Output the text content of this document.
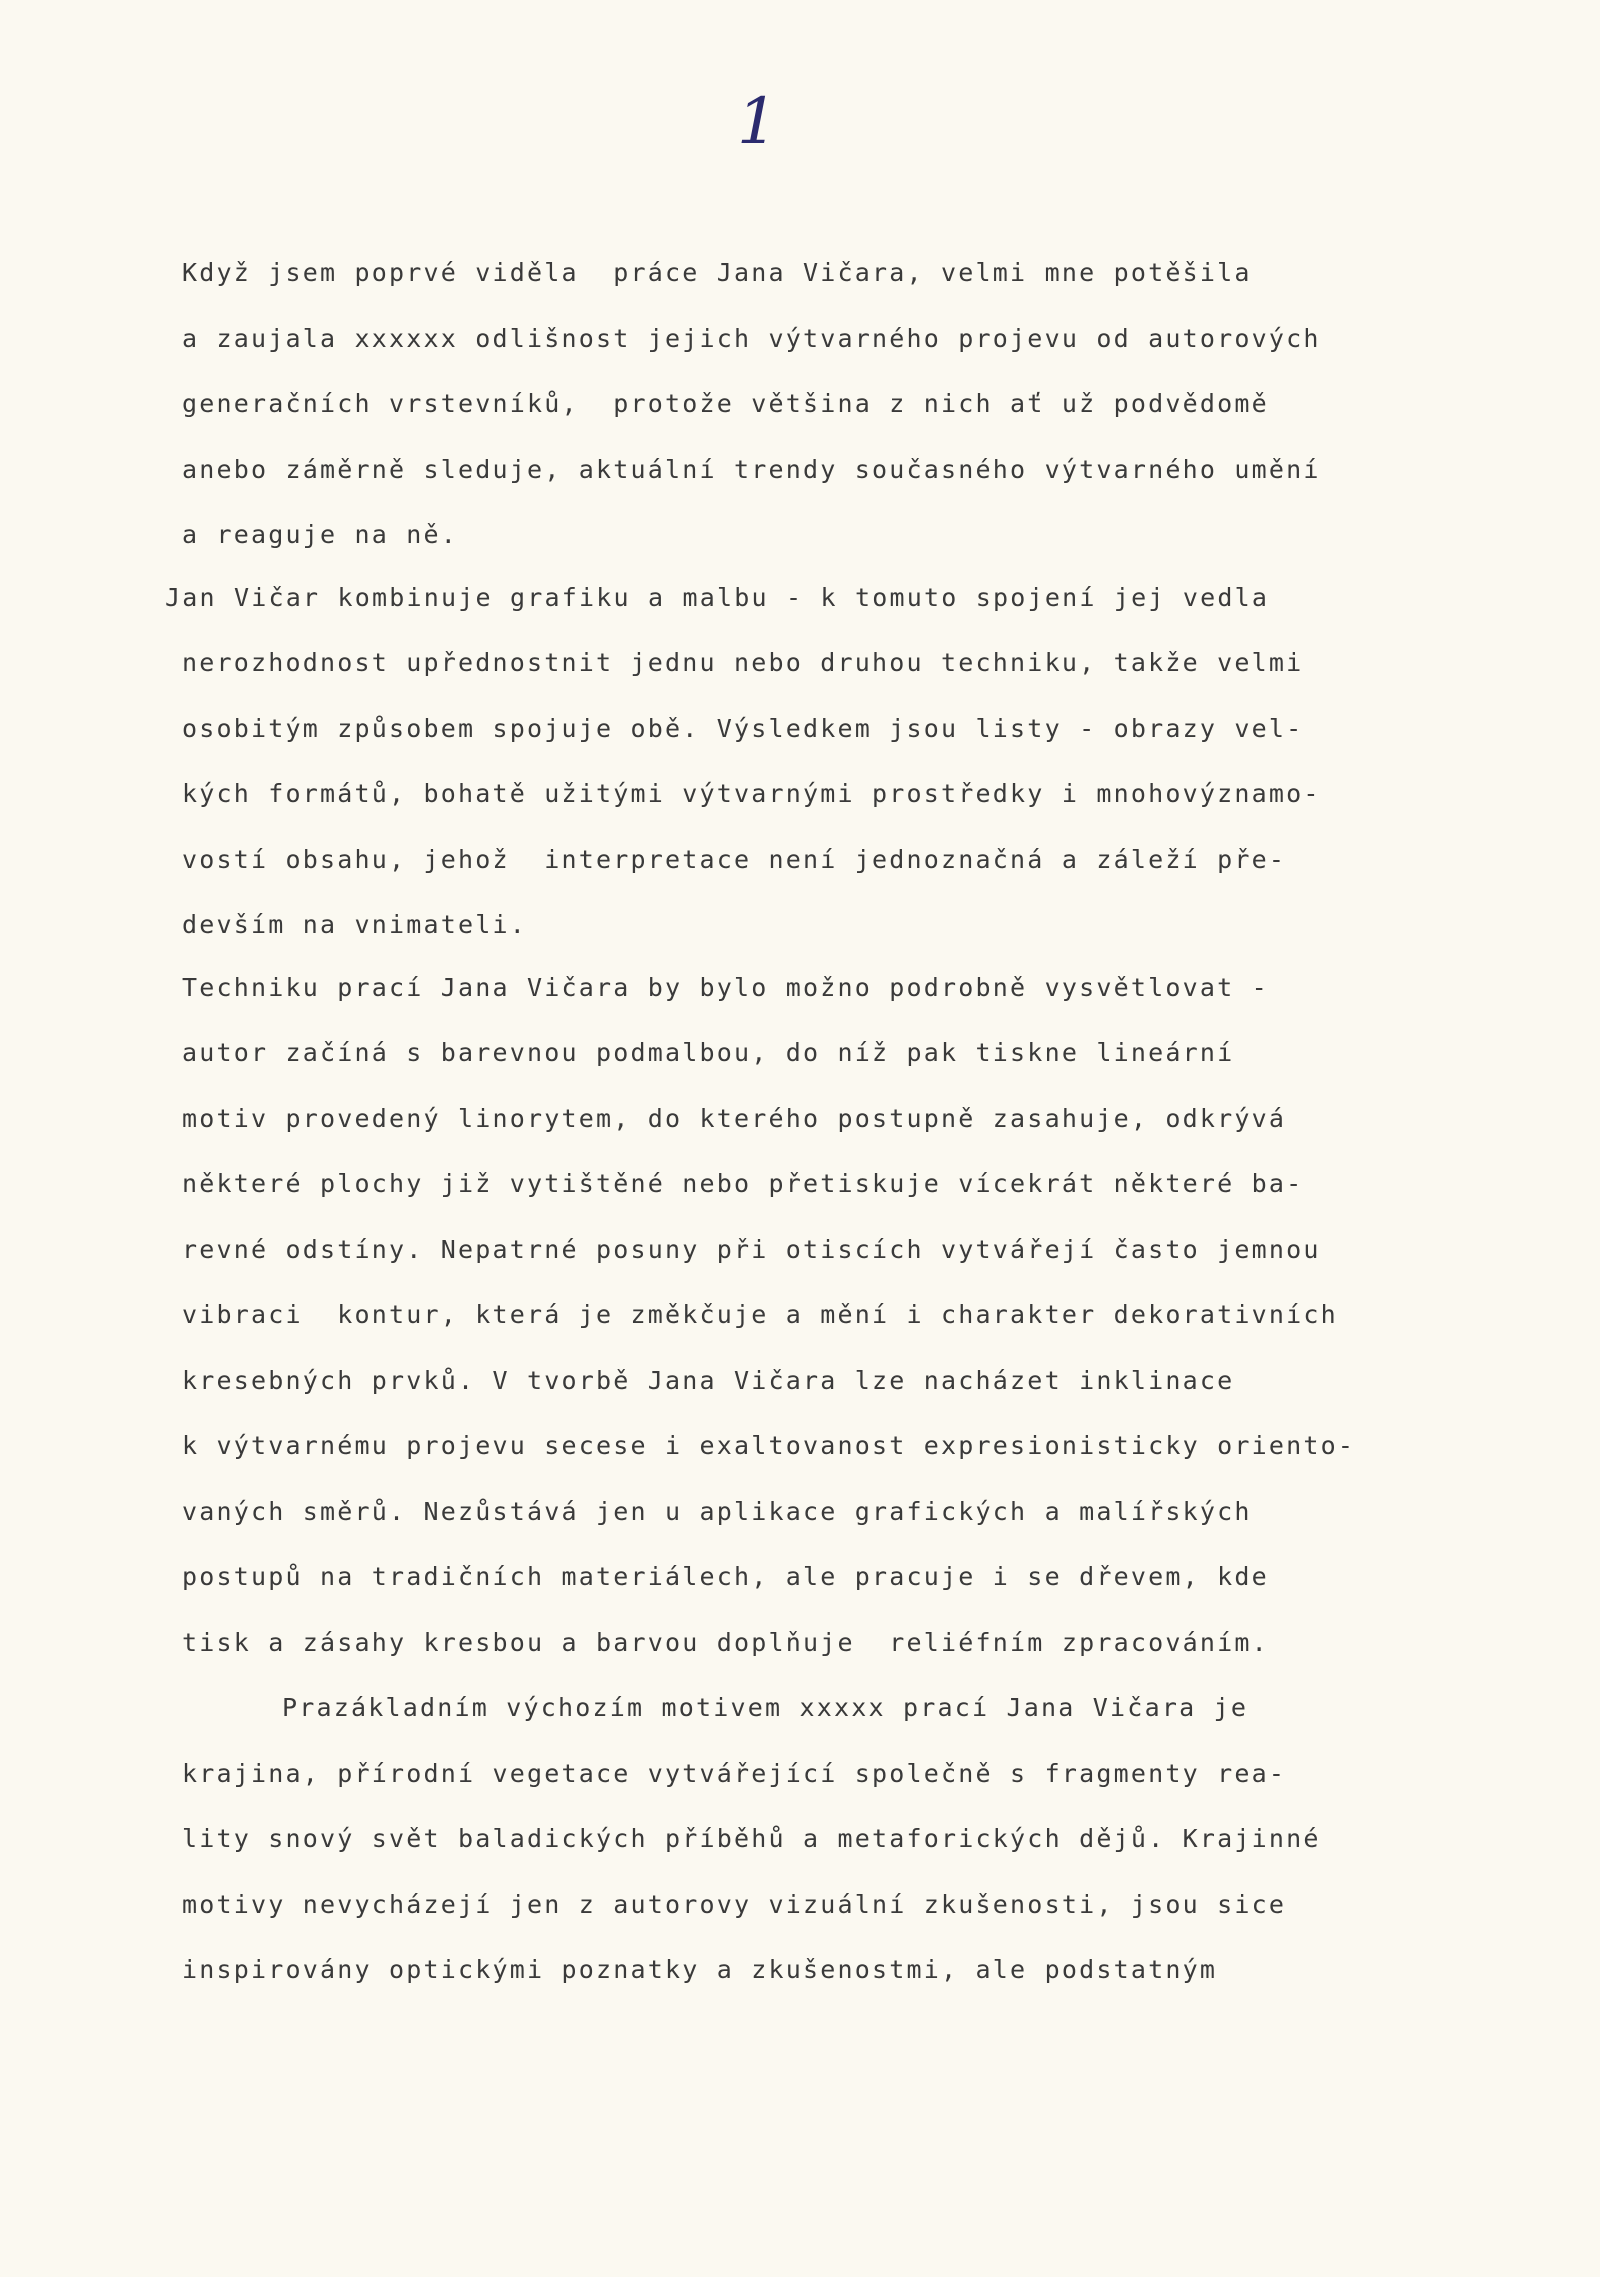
1
Když jsem poprvé viděla  práce Jana Vičara, velmi mne potěšila
a zaujala xxxxxx odlišnost jejich výtvarného projevu od autorových
generačních vrstevníků,  protože většina z nich ať už podvědomě
anebo záměrně sleduje, aktuální trendy současného výtvarného umění
a reaguje na ně.
Jan Vičar kombinuje grafiku a malbu - k tomuto spojení jej vedla
nerozhodnost upřednostnit jednu nebo druhou techniku, takže velmi
osobitým způsobem spojuje obě. Výsledkem jsou listy - obrazy vel-
kých formátů, bohatě užitými výtvarnými prostředky i mnohovýznamo-
vostí obsahu, jehož  interpretace není jednoznačná a záleží pře-
devším na vnimateli.
Techniku prací Jana Vičara by bylo možno podrobně vysvětlovat -
autor začíná s barevnou podmalbou, do níž pak tiskne lineární
motiv provedený linorytem, do kterého postupně zasahuje, odkrývá
některé plochy již vytištěné nebo přetiskuje vícekrát některé ba-
revné odstíny. Nepatrné posuny při otiscích vytvářejí často jemnou
vibraci  kontur, která je změkčuje a mění i charakter dekorativních
kresebných prvků. V tvorbě Jana Vičara lze nacházet inklinace
k výtvarnému projevu secese i exaltovanost expresionisticky orientо-
vaných směrů. Nezůstává jen u aplikace grafických a malířských
postupů na tradičních materiálech, ale pracuje i se dřevem, kde
tisk a zásahy kresbou a barvou doplňuje  reliéfním zpracováním.
Prazákladním výchozím motivem xxxxx prací Jana Vičara je
krajina, přírodní vegetace vytvářející společně s fragmenty rea-
lity snový svět baladických příběhů a metaforických dějů. Krajinné
motivy nevycházejí jen z autorovy vizuální zkušenosti, jsou sice
inspirovány optickými poznatky a zkušenostmi, ale podstatným
